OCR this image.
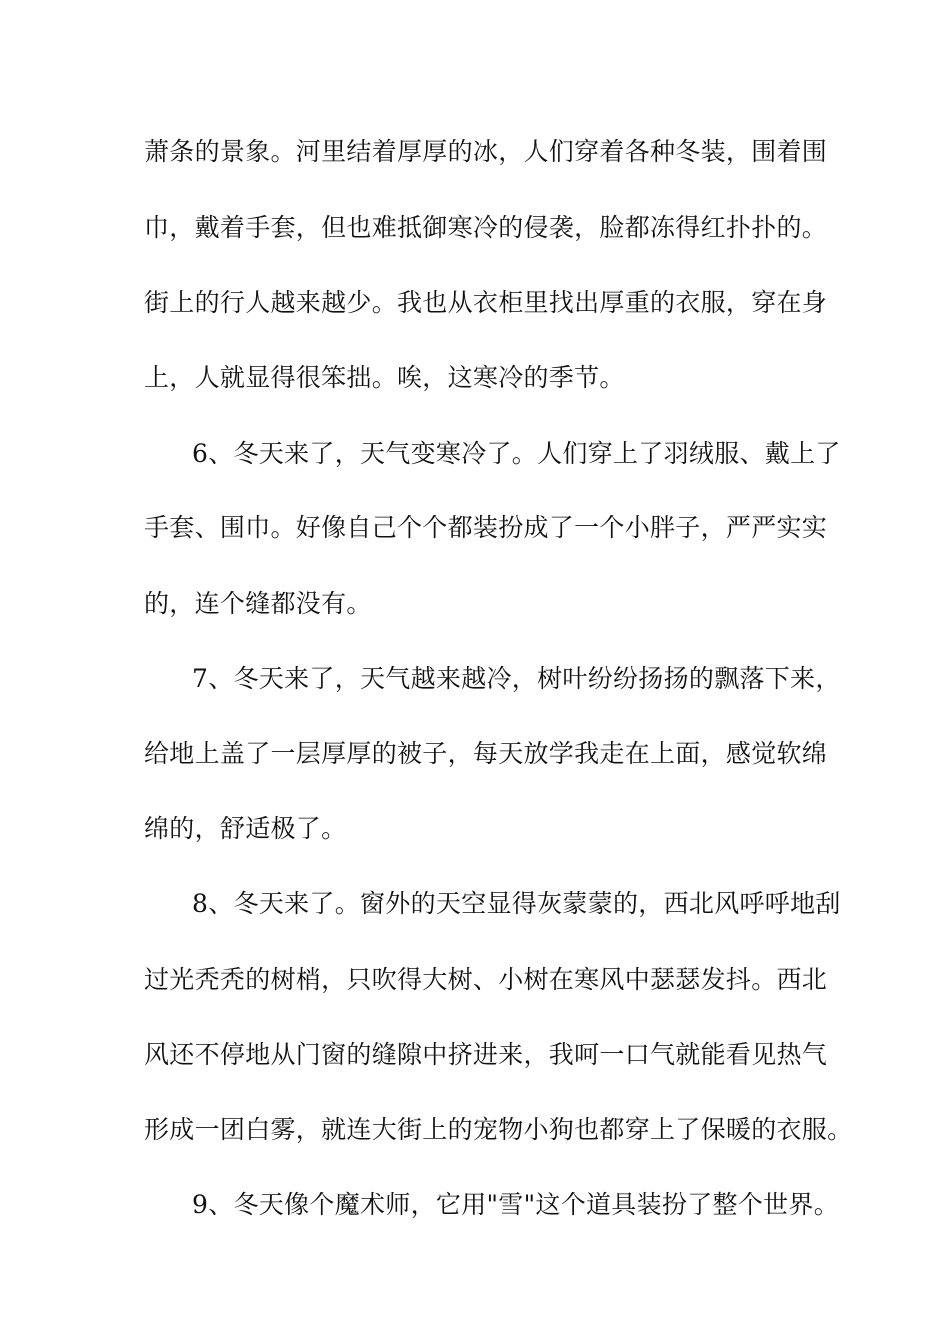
萧条的景象。河里结着厚厚的冰，人们穿着各种冬装，围着围
巾，戴着手套，但也难抵御寒冷的侵袭，脸都冻得红扑扑的。
街上的行人越来越少。我也从衣柜里找出厚重的衣服，穿在身
上，人就显得很笨拙。唉，这寒冷的季节。
6、冬天来了，天气变寒冷了。人们穿上了羽绒服、戴上了
手套、围巾。好像自己个个都装扮成了一个小胖子，严严实实
的，连个缝都没有。
7、冬天来了，天气越来越冷，树叶纷纷扬扬的飘落下来，
给地上盖了一层厚厚的被子，每天放学我走在上面，感觉软绵
绵的，舒适极了。
8、冬天来了。窗外的天空显得灰蒙蒙的，西北风呼呼地刮
过光秃秃的树梢，只吹得大树、小树在寒风中瑟瑟发抖。西北
风还不停地从门窗的缝隙中挤进来，我呵一口气就能看见热气
形成一团白雾，就连大街上的宠物小狗也都穿上了保暖的衣服。
9、冬天像个魔术师，它用"雪"这个道具装扮了整个世界。
